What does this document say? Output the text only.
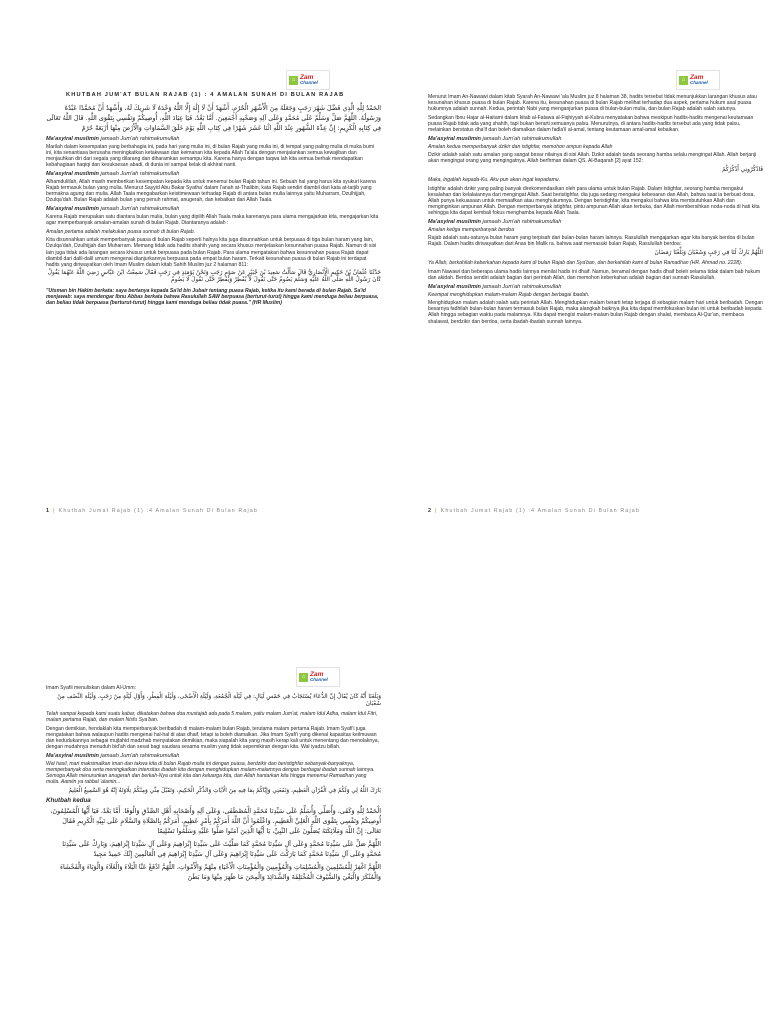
⌂ Zam
Channel
KHUTBAH JUM'AT BULAN RAJAB (1) : 4 AMALAN SUNAH DI BULAN RAJAB
الحَمْدُ لِلَّهِ الَّذِي فَضَّلَ شَهْرَ رَجَبٍ وَجَعَلَهُ مِنَ الْأَشْهُرِ الْحُرُمِ، أَشْهَدُ أَنْ لَا إِلَٰهَ إِلَّا اللَّهُ وَحْدَهُ لَا شَرِيكَ لَهُ، وَأَشْهَدُ أَنَّ مُحَمَّدًا عَبْدُهُ وَرَسُولُهُ. اللَّهُمَّ صَلِّ وَسَلِّمْ عَلَى مُحَمَّدٍ وَعَلَى آلِهِ وَصَحْبِهِ أَجْمَعِينَ. أَمَّا بَعْدُ، فَيَا عِبَادَ اللَّهِ، أُوصِيكُمْ وَنَفْسِي بِتَقْوَى اللَّهِ. قَالَ اللَّهُ تَعَالَى فِي كِتَابِهِ الْكَرِيمِ: إِنَّ عِدَّةَ الشُّهُورِ عِنْدَ اللَّهِ اثْنَا عَشَرَ شَهْرًا فِي كِتَابِ اللَّهِ يَوْمَ خَلَقَ السَّمَاوَاتِ وَالْأَرْضَ مِنْهَا أَرْبَعَةٌ حُرُمٌ
Ma'asyiral muslimin jamaah Jum'ah rahimakumullah

Marilah dalam kesempatan yang berbahagia ini, pada hari yang mulia ini, di bulan Rajab yang mulia ini, di tempat yang paling mulia di muka bumi ini, kita senantiasa berusaha meningkatkan ketakwaan dan keimanan kita kepada Allah Ta'ala dengan menjalankan semua kewajiban dan menjauhkan diri dari segala yang dilarang dan diharamkan semampu kita. Karena hanya dengan taqwa lah kita semua berhak mendapatkan kebahagiaan haqiqi dan kesuksesan abadi, di dunia ini sampai kelak di akhirat nanti.

Ma'asyiral muslimin jamaah Jum'ah rahimakumullah

Alhamdulillah, Allah masih memberikan kesempatan kepada kita untuk menemui bulan Rajab tahun ini. Sebuah hal yang harus kita syukuri karena Rajab termasuk bulan yang mulia. Menurut Sayyid Abu Bakar Syatha' dalam I'anah at-Thalibin, kata Rajab sendiri diambil dari kata at-tarjib yang bermakna agung dan mulia. Allah Taala mengabarkan keistimewaan terhadap Rajab di antara bulan mulia lainnya yaitu Muharram, Dzulhijjah, Dzulqa'dah. Bulan Rajab adalah bulan yang penuh rahmat, anugerah, dan kebaikan dari Allah Taala.

Ma'asyiral muslimin jamaah Jum'ah rahimakumullah

Karena Rajab merupakan satu diantara bulan mulia, bulan yang dipilih Allah Taala maka karenanya para ulama mengajarkan kita, mengajarkan kita agar memperbanyak amalan-amalan sunah di bulan Rajab. Diantaranya adalah :

Amalan pertama adalah melakukan puasa sunnah di bulan Rajab.

Kita disunnahkan untuk memperbanyak puasa di bulan Rajab seperti halnya kita juga disunnahkan untuk berpuasa di tiga bulan haram yang lain, Dzulqa'dah, Dzulhijjah dan Muharram. Memang tidak ada hadits shahih yang secara khusus menjelaskan kesunnahan puasa Rajab. Namun di sisi lain juga tidak ada larangan secara khusus untuk berpuasa pada bulan Rajab. Para ulama mengatakan bahwa kesunnahan puasa Rajab dapat diambil dari dalil-dalil umum mengenai dianjurkannya berpuasa pada empat bulan haram. Terkait kesunahan puasa di bulan Rajab ini terdapat hadits yang diriwayatkan oleh Imam Muslim dalam kitab Sahih Muslim juz 2 halaman 811:

حَدَّثَنَا عُثْمَانُ بْنُ حَكِيمٍ الْأَنْصَارِيُّ قَالَ سَأَلْتُ سَعِيدَ بْنَ جُبَيْرٍ عَنْ صَوْمِ رَجَبٍ وَنَحْنُ يَوْمَئِذٍ فِي رَجَبٍ فَقَالَ سَمِعْتُ ابْنَ عَبَّاسٍ رَضِيَ اللَّهُ عَنْهُمَا يَقُولُ كَانَ رَسُولُ اللَّهِ صَلَّى اللَّهُ عَلَيْهِ وَسَلَّمَ يَصُومُ حَتَّى نَقُولَ لَا يُفْطِرُ وَيُفْطِرُ حَتَّى نَقُولَ لَا يَصُومُ

"Utsman bin Hakim berkata: saya bertanya kepada Sa'id bin Jubair tentang puasa Rajab, ketika itu kami berada di bulan Rajab. Sa'id menjawab: saya mendengar Ibnu Abbas berkata bahwa Rasulullah SAW berpuasa (berturut-turut) hingga kami menduga beliau berpuasa, dan beliau tidak berpuasa (berturut-turut) hingga kami menduga beliau tidak puasa." (HR Muslim)

1 | Khutbah Jumat Rajab (1) :4 Amalan Sunah Di Bulan Rajab
⌂ Zam
Channel

Menurut Imam An-Nawawi dalam kitab Syarah An-Nawawi 'ala Muslim juz 8 halaman 38, hadits tersebut tidak menunjukkan larangan khusus atau kesunahan khusus puasa di bulan Rajab. Karena itu, kesunahan puasa di bulan Rajab melihat terhadap dua aspek, pertama hukum asal puasa hukumnya adalah sunnah. Kedua, perintah Nabi yang menganjurkan puasa di bulan-bulan mulia, dan bulan Rajab adalah salah satunya.

Sedangkan Ibnu Hajar al-Haitami dalam kitab al-Fatawa al-Fiqhiyyah al-Kubra menyatakan bahwa meskipun hadits-hadits mengenai keutamaan puasa Rajab tidak ada yang shahih, tapi bukan berarti semuanya palsu. Menurutnya, di antara hadits-hadits tersebut ada yang tidak palsu, melainkan berstatus dha'if dan boleh diamalkan dalam fadla'il al-amal, tentang keutamaan amal-amal kebaikan.

Ma'asyiral muslimin jamaah Jum'ah rahimakumullah

Amalan kedua memperbanyak dzikir dan istighfar, memohon ampun kepada Allah

Dzikir adalah salah satu amalan yang sangat besar nilainya di sisi Allah. Dzikir adalah tanda seorang hamba selalu mengingat Allah. Allah berjanji akan mengingat orang yang mengingatnya. Allah berfirman dalam QS. Al-Baqarah [2] ayat 152:

فَاذْكُرُونِي أَذْكُرْكُمْ

Maka, ingatlah kepada-Ku. Aku pun akan ingat kepadamu.

Istighfar adalah dzikir yang paling banyak direkomendasikan oleh para ulama untuk bulan Rajab. Dalam Istighfar, seorang hamba mengakui kesalahan dan kelalaiannya dari mengingat Allah. Saat beristighfar, dia juga sedang mengakui kebesaran dan Allah, bahwa saat ia berbuat dosa, Allah punya kekuasaan untuk memaafkan atau menghukumnya. Dengan beristighfar, kita mengakui bahwa kita membutuhkan Allah dan menginginkan ampunan Allah. Dengan memperbanyak istighfar, pintu ampunan Allah akan terbuka, dan Allah membersihkan noda-noda di hati kita sehingga kita dapat kembali fokus menghamba kepada Allah Taala.

Ma'asyiral muslimin jamaah Jum'ah rahimakumullah

Amalan ketiga memperbanyak berdoa

Rajab adalah satu-satunya bulan haram yang terpisah dari bulan-bulan haram lainnya. Rasulullah mengajarkan agar kita banyak berdoa di bulan Rajab. Dalam hadits diriwayatkan dari Anas bin Malik ra. bahwa saat memasuki bulan Rajab, Rasulullah berdoa:

اللَّهُمَّ بَارِكْ لَنَا فِي رَجَبٍ وَشَعْبَانَ وَبَلِّغْنَا رَمَضَانَ

Ya Allah, berkahilah keberkahan kepada kami di bulan Rajab dan Sya'ban, dan berkahilah kami di bulan Ramadhan (HR. Ahmad no. 2228).

Imam Nawawi dan beberapa ulama hadis lainnya menilai hadis ini dhaif. Namun, beramal dengan hadis dhaif boleh selama tidak dalam bab hukum dan akidah. Berdoa sendiri adalah bagian dari perintah Allah, dan memohon keberkahan adalah bagian dari sunnah Rasulullah.

Ma'asyiral muslimin jamaah Jum'ah rahimakumullah

Keempat menghidupkan malam-malam Rajab dengan berbagai ibadah.

Menghidupkan malam adalah salah satu perintah Allah. Menghidupkan malam berarti tetap terjaga di sebagian malam hari untuk beribadah. Dengan besarnya fadhilah bulan-bulan haram termasuk bulan Rajab, maka alangkah baiknya jika kita dapat memfokuskan bulan ini untuk beribadah kepada Allah hingga sebagian waktu pada malamnya. Kita dapat mengisi malam-malam bulan Rajab dengan shalat, membaca Al-Qur'an, membaca shalawat, berdzikir dan berdoa, serta ibadah-ibadah sunnah lainnya.

2 | Khutbah Jumat Rajab (1) :4 Amalan Sunah Di Bulan Rajab
⌂ Zam
Channel

Imam Syafii menuliskan dalam Al-Umm:

وَبَلَغَنَا أَنَّهُ كَانَ يُقَالُ إِنَّ الدُّعَاءَ يُسْتَجَابُ فِي خَمْسِ لَيَالٍ: فِي لَيْلَةِ الْجُمُعَةِ، وَلَيْلَةِ الْأَضْحَى، وَلَيْلَةِ الْفِطْرِ، وَأَوَّلِ لَيْلَةٍ مِنْ رَجَبٍ، وَلَيْلَةِ النِّصْفِ مِنْ شَعْبَانَ

Telah sampai kepada kami suatu kabar, dikatakan bahwa doa mustajab ada pada 5 malam, yaitu malam Jum'at, malam Idul Adha, malam Idul Fitri, malam pertama Rajab, dan malam Nisfu Sya'ban.

Dengan demikian, hendaklah kita memperbanyak beribadah di malam-malam bulan Rajab, terutama malam pertama Rajab. Imam Syafi'i juga mengatakan bahwa walaupun hadits mengenai hal-hal di atas dhaif, tetapi ia boleh diamalkan. Jika Imam Syafi'i yang dikenal kapasitas keilmuwan dan kedudukannya sebagai mujtahid madzhab menyatakan demikian, maka siapalah kita yang masih kerap kali untuk menentang dan menolaknya, dengan mudahnya menuduh bid'ah dan sesat bagi saudara sesama muslim yang tidak sepemikiran dengan kita. Wal iyadzu billah.

Ma'asyiral muslimin jamaah Jum'ah rahimakumullah

Wal hasil, mari maksimalkan iman dan takwa kita di bulan Rajab mulia ini dengan puasa, berdzikir dan beristighfar sebanyak-banyaknya, memperbanyak doa serta meningkatkan intensitas ibadah kita dengan menghidupkan malam-malamnya dengan berbagai ibadah sunnah lainnya. Semoga Allah menurunkan anugerah dan berkah-Nya untuk kita dan keluarga kita, dan Allah hantarkan kita hingga menemui Ramadhan yang mulia. Aamiin ya rabbal 'alamin...

بَارَكَ اللَّهُ لِي وَلَكُمْ فِي الْقُرْآنِ الْعَظِيمِ، وَنَفَعَنِي وَإِيَّاكُمْ بِمَا فِيهِ مِنَ الْآيَاتِ وَالذِّكْرِ الْحَكِيمِ، وَتَقَبَّلَ مِنِّي وَمِنْكُمْ تِلَاوَتَهُ إِنَّهُ هُوَ السَّمِيعُ الْعَلِيمُ
Khutbah kedua
الْحَمْدُ لِلَّهِ وَكَفَى، وَأُصَلِّي وَأُسَلِّمُ عَلَى سَيِّدِنَا مُحَمَّدٍ الْمُصْطَفَى، وَعَلَى آلِهِ وَأَصْحَابِهِ أَهْلِ الصِّدْقِ وَالْوَفَا. أَمَّا بَعْدُ، فَيَا أَيُّهَا الْمُسْلِمُونَ، أُوصِيكُمْ وَنَفْسِي بِتَقْوَى اللَّهِ الْعَلِيِّ الْعَظِيمِ، وَاعْلَمُوا أَنَّ اللَّهَ أَمَرَكُمْ بِأَمْرٍ عَظِيمٍ، أَمَرَكُمْ بِالصَّلَاةِ وَالسَّلَامِ عَلَى نَبِيِّهِ الْكَرِيمِ فَقَالَ تَعَالَى: إِنَّ اللَّهَ وَمَلَائِكَتَهُ يُصَلُّونَ عَلَى النَّبِيِّ، يَا أَيُّهَا الَّذِينَ آمَنُوا صَلُّوا عَلَيْهِ وَسَلِّمُوا تَسْلِيمًا
اللَّهُمَّ صَلِّ عَلَى سَيِّدِنَا مُحَمَّدٍ وَعَلَى آلِ سَيِّدِنَا مُحَمَّدٍ كَمَا صَلَّيْتَ عَلَى سَيِّدِنَا إِبْرَاهِيمَ وَعَلَى آلِ سَيِّدِنَا إِبْرَاهِيمَ، وَبَارِكْ عَلَى سَيِّدِنَا مُحَمَّدٍ وَعَلَى آلِ سَيِّدِنَا مُحَمَّدٍ كَمَا بَارَكْتَ عَلَى سَيِّدِنَا إِبْرَاهِيمَ وَعَلَى آلِ سَيِّدِنَا إِبْرَاهِيمَ فِي الْعَالَمِينَ إِنَّكَ حَمِيدٌ مَجِيدٌ
اللَّهُمَّ اغْفِرْ لِلْمُسْلِمِينَ وَالْمُسْلِمَاتِ وَالْمُؤْمِنِينَ وَالْمُؤْمِنَاتِ الْأَحْيَاءِ مِنْهُمْ وَالْأَمْوَاتِ، اللَّهُمَّ ادْفَعْ عَنَّا الْبَلَاءَ وَالْغَلَاءَ وَالْوَبَاءَ وَالْفَحْشَاءَ وَالْمُنْكَرَ وَالْبَغْيَ وَالسُّيُوفَ الْمُخْتَلِفَةَ وَالشَّدَائِدَ وَالْمِحَنَ مَا ظَهَرَ مِنْهَا وَمَا بَطَنَ
